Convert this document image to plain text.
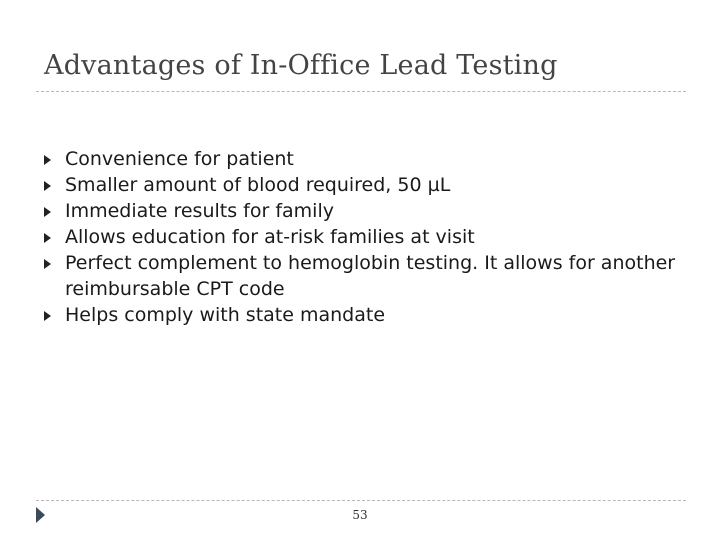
Advantages of In-Office Lead Testing
Convenience for patient
Smaller amount of blood required, 50 µL
Immediate results for family
Allows education for at-risk families at visit
Perfect complement to hemoglobin testing. It allows for another reimbursable CPT code
Helps comply with state mandate
53
